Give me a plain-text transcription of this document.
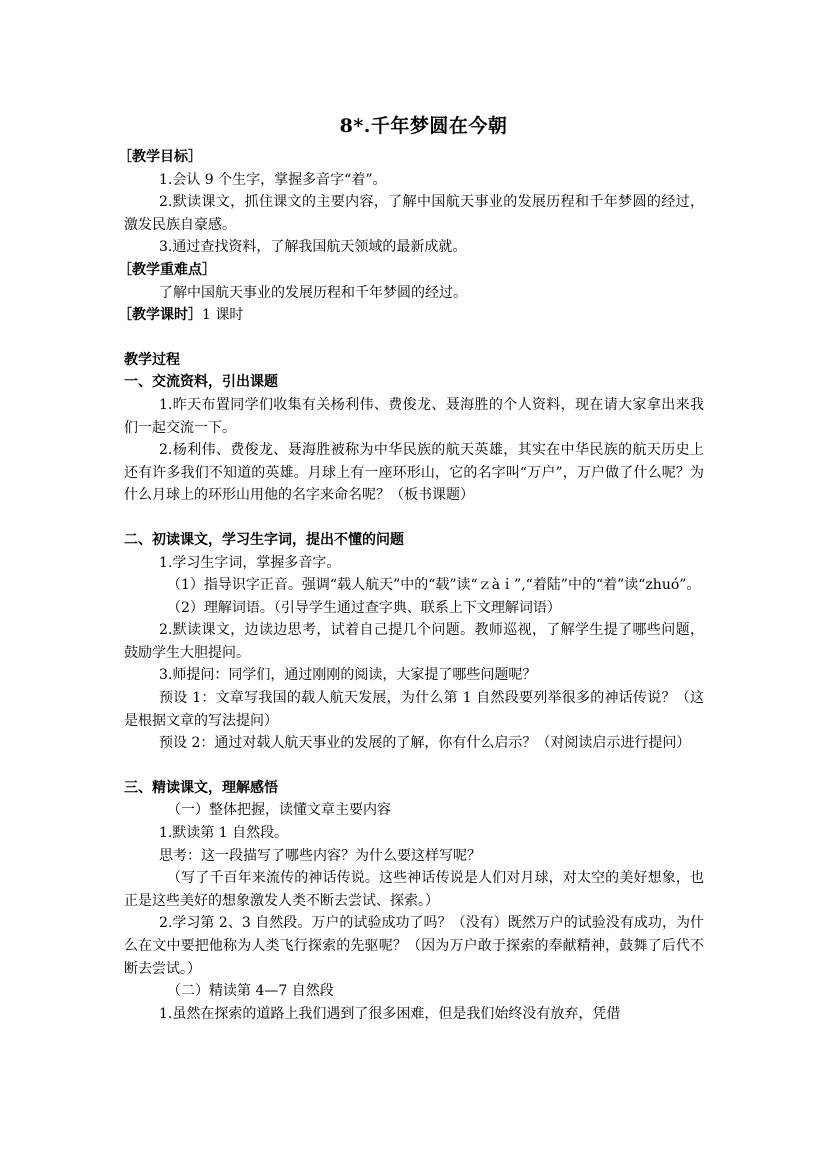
8*.千年梦圆在今朝

［教学目标］

1.会认 9 个生字，掌握多音字“着”。

2.默读课文，抓住课文的主要内容，了解中国航天事业的发展历程和千年梦圆的经过，激发民族自豪感。

3.通过查找资料，了解我国航天领域的最新成就。

［教学重难点］

了解中国航天事业的发展历程和千年梦圆的经过。

［教学课时］1 课时

教学过程

一、交流资料，引出课题

1.昨天布置同学们收集有关杨利伟、费俊龙、聂海胜的个人资料，现在请大家拿出来我们一起交流一下。

2.杨利伟、费俊龙、聂海胜被称为中华民族的航天英雄，其实在中华民族的航天历史上还有许多我们不知道的英雄。月球上有一座环形山，它的名字叫“万户”，万户做了什么呢？为什么月球上的环形山用他的名字来命名呢？（板书课题）

二、初读课文，学习生字词，提出不懂的问题

1.学习生字词，掌握多音字。

（1）指导识字正音。强调“载人航天”中的“载”读“ｚàｉ”,“着陆”中的“着”读“zhuó”。

（2）理解词语。（引导学生通过查字典、联系上下文理解词语）

2.默读课文，边读边思考，试着自己提几个问题。教师巡视，了解学生提了哪些问题，鼓励学生大胆提问。

3.师提问：同学们，通过刚刚的阅读，大家提了哪些问题呢？

预设 1：文章写我国的载人航天发展，为什么第 1 自然段要列举很多的神话传说？（这是根据文章的写法提问）

预设 2：通过对载人航天事业的发展的了解，你有什么启示？（对阅读启示进行提问）

三、精读课文，理解感悟

（一）整体把握，读懂文章主要内容

1.默读第 1 自然段。

思考：这一段描写了哪些内容？为什么要这样写呢？

（写了千百年来流传的神话传说。这些神话传说是人们对月球，对太空的美好想象，也正是这些美好的想象激发人类不断去尝试、探索。）

2.学习第 2、3 自然段。万户的试验成功了吗？（没有）既然万户的试验没有成功，为什么在文中要把他称为人类飞行探索的先驱呢？（因为万户敢于探索的奉献精神，鼓舞了后代不断去尝试。）

（二）精读第 4—7 自然段

1.虽然在探索的道路上我们遇到了很多困难，但是我们始终没有放弃，凭借
